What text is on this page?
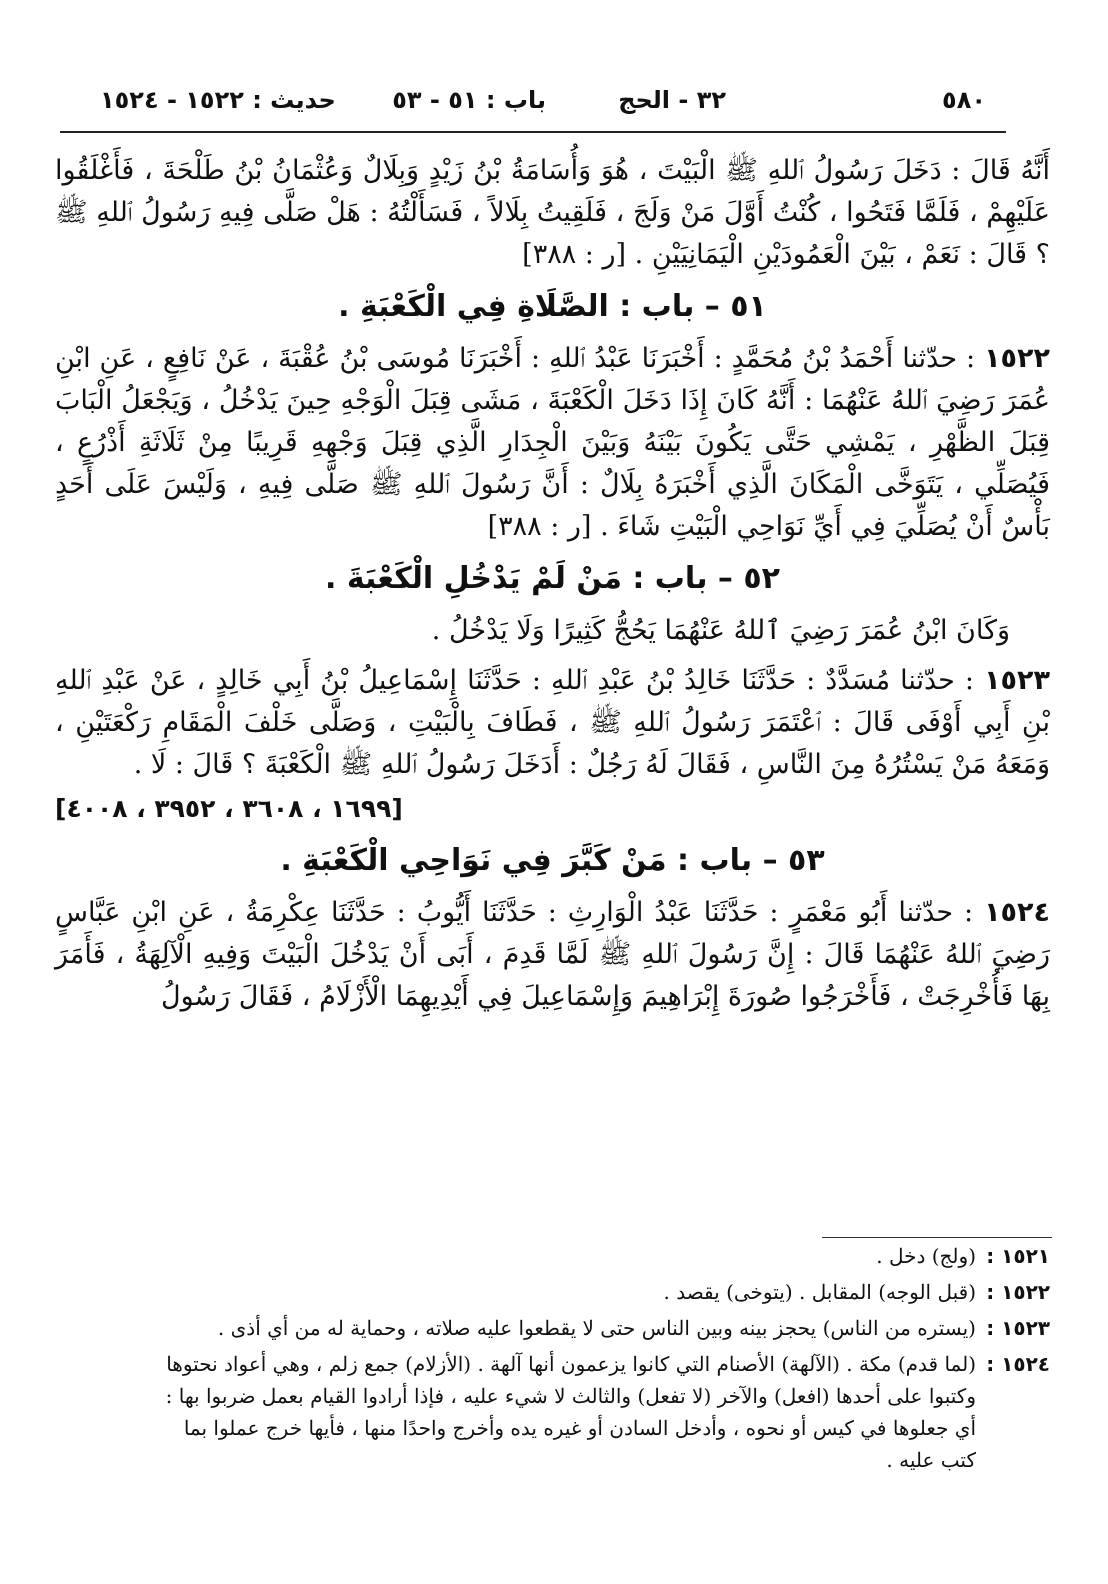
٥٨٠
٣٢ - الحج
باب : ٥١ - ٥٣
حديث : ١٥٢٢ - ١٥٢٤

أَنَّهُ قَالَ : دَخَلَ رَسُولُ ٱللهِ ﷺ الْبَيْتَ ، هُوَ وَأُسَامَةُ بْنُ زَيْدٍ وَبِلَالٌ وَعُثْمَانُ بْنُ طَلْحَةَ ، فَأَغْلَقُوا عَلَيْهِمْ ، فَلَمَّا فَتَحُوا ، كُنْتُ أَوَّلَ مَنْ وَلَجَ ، فَلَقِيتُ بِلَالاً ، فَسَأَلْتُهُ : هَلْ صَلَّى فِيهِ رَسُولُ ٱللهِ ﷺ ؟ قَالَ : نَعَمْ ، بَيْنَ الْعَمُودَيْنِ الْيَمَانِيَيْنِ . [ر : ٣٨٨]

٥١ – باب : الصَّلَاةِ فِي الْكَعْبَةِ .

١٥٢٢ : حدّثنا أَحْمَدُ بْنُ مُحَمَّدٍ : أَخْبَرَنَا عَبْدُ ٱللهِ : أَخْبَرَنَا مُوسَى بْنُ عُقْبَةَ ، عَنْ نَافِعٍ ، عَنِ ابْنِ عُمَرَ رَضِيَ ٱللهُ عَنْهُمَا : أَنَّهُ كَانَ إِذَا دَخَلَ الْكَعْبَةَ ، مَشَى قِبَلَ الْوَجْهِ حِينَ يَدْخُلُ ، وَيَجْعَلُ الْبَابَ قِبَلَ الظَّهْرِ ، يَمْشِي حَتَّى يَكُونَ بَيْنَهُ وَبَيْنَ الْجِدَارِ الَّذِي قِبَلَ وَجْهِهِ قَرِيبًا مِنْ ثَلَاثَةِ أَذْرُعٍ ، فَيُصَلِّي ، يَتَوَخَّى الْمَكَانَ الَّذِي أَخْبَرَهُ بِلَالٌ : أَنَّ رَسُولَ ٱللهِ ﷺ صَلَّى فِيهِ ، وَلَيْسَ عَلَى أَحَدٍ بَأْسٌ أَنْ يُصَلِّيَ فِي أَيِّ نَوَاحِي الْبَيْتِ شَاءَ . [ر : ٣٨٨]

٥٢ – باب : مَنْ لَمْ يَدْخُلِ الْكَعْبَةَ .

وَكَانَ ابْنُ عُمَرَ رَضِيَ ٱللهُ عَنْهُمَا يَحُجُّ كَثِيرًا وَلَا يَدْخُلُ .

١٥٢٣ : حدّثنا مُسَدَّدٌ : حَدَّثَنَا خَالِدُ بْنُ عَبْدِ ٱللهِ : حَدَّثَنَا إِسْمَاعِيلُ بْنُ أَبِي خَالِدٍ ، عَنْ عَبْدِ ٱللهِ بْنِ أَبِي أَوْفَى قَالَ : ٱعْتَمَرَ رَسُولُ ٱللهِ ﷺ ، فَطَافَ بِالْبَيْتِ ، وَصَلَّى خَلْفَ الْمَقَامِ رَكْعَتَيْنِ ، وَمَعَهُ مَنْ يَسْتُرُهُ مِنَ النَّاسِ ، فَقَالَ لَهُ رَجُلٌ : أَدَخَلَ رَسُولُ ٱللهِ ﷺ الْكَعْبَةَ ؟ قَالَ : لَا .

[١٦٩٩ ، ٣٦٠٨ ، ٣٩٥٢ ، ٤٠٠٨]
٥٣ – باب : مَنْ كَبَّرَ فِي نَوَاحِي الْكَعْبَةِ .

١٥٢٤ : حدّثنا أَبُو مَعْمَرٍ : حَدَّثَنَا عَبْدُ الْوَارِثِ : حَدَّثَنَا أَيُّوبُ : حَدَّثَنَا عِكْرِمَةُ ، عَنِ ابْنِ عَبَّاسٍ رَضِيَ ٱللهُ عَنْهُمَا قَالَ : إِنَّ رَسُولَ ٱللهِ ﷺ لَمَّا قَدِمَ ، أَبَى أَنْ يَدْخُلَ الْبَيْتَ وَفِيهِ الْآلِهَةُ ، فَأَمَرَ بِهَا فَأُخْرِجَتْ ، فَأَخْرَجُوا صُورَةَ إِبْرَاهِيمَ وَإِسْمَاعِيلَ فِي أَيْدِيهِمَا الْأَزْلَامُ ، فَقَالَ رَسُولُ

١٥٢١ :
(ولج) دخل .
١٥٢٢ :
(قبل الوجه) المقابل . (يتوخى) يقصد .
١٥٢٣ :
(يستره من الناس) يحجز بينه وبين الناس حتى لا يقطعوا عليه صلاته ، وحماية له من أي أذى .
١٥٢٤ :
(لما قدم) مكة . (الآلهة) الأصنام التي كانوا يزعمون أنها آلهة . (الأزلام) جمع زلم ، وهي أعواد نحتوها وكتبوا على أحدها (افعل) والآخر (لا تفعل) والثالث لا شيء عليه ، فإذا أرادوا القيام بعمل ضربوا بها : أي جعلوها في كيس أو نحوه ، وأدخل السادن أو غيره يده وأخرج واحدًا منها ، فأيها خرج عملوا بما كتب عليه .
